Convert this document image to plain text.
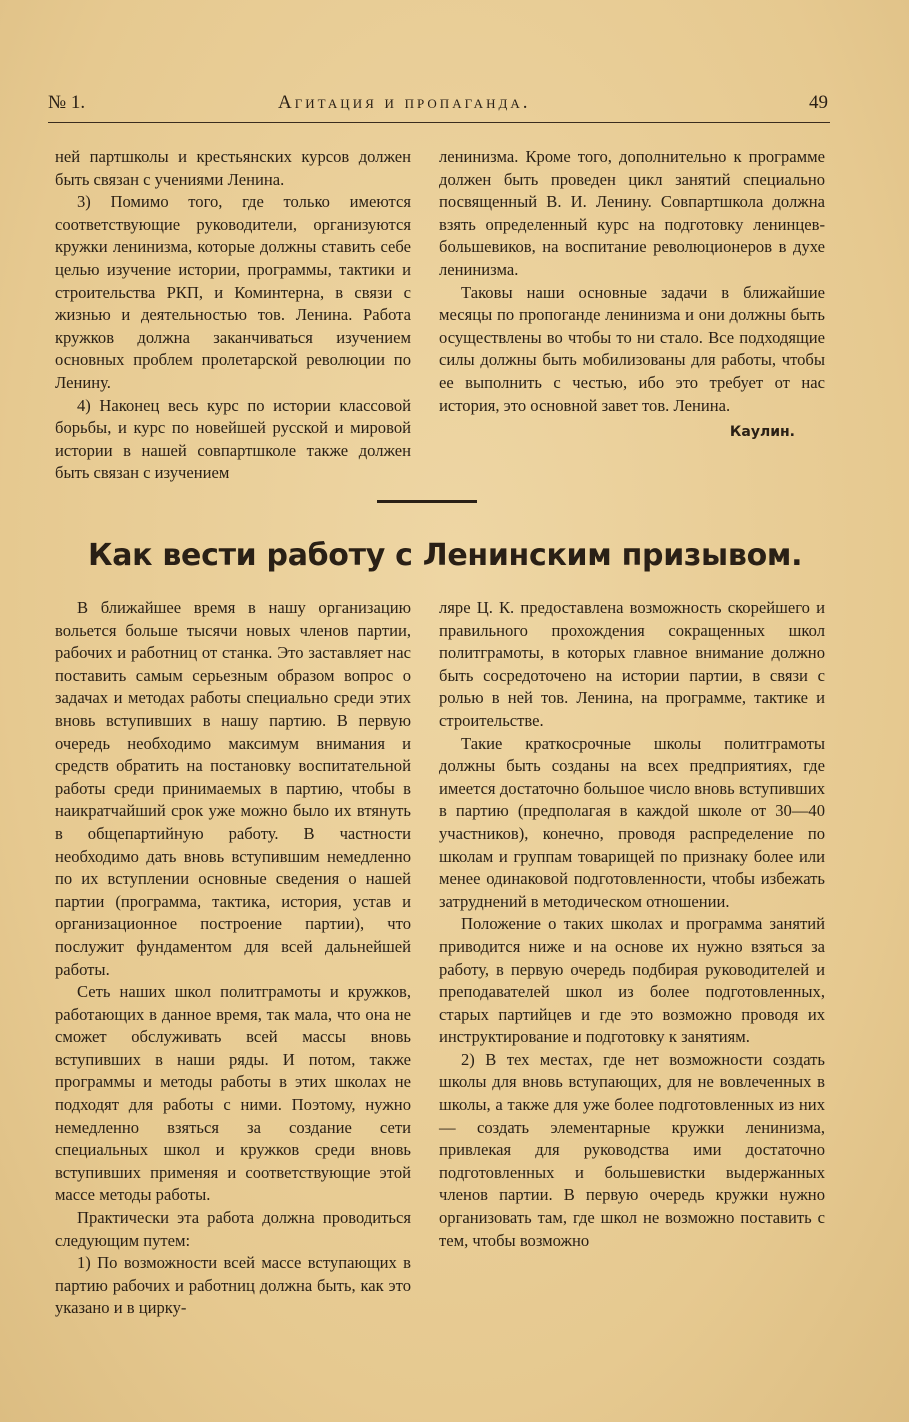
№ 1.	Агитация и пропаганда.	49

ней партшколы и крестьянских курсов должен быть связан с учениями Ленина.

3) Помимо того, где только имеются соответствующие руководители, организуются кружки ленинизма, которые должны ставить себе целью изучение истории, программы, тактики и строительства РКП, и Коминтерна, в связи с жизнью и деятельностью тов. Ленина. Работа кружков должна заканчиваться изучением основных проблем пролетарской революции по Ленину.

4) Наконец весь курс по истории классовой борьбы, и курс по новейшей русской и мировой истории в нашей совпартшколе также должен быть связан с изучением

ленинизма. Кроме того, дополнительно к программе должен быть проведен цикл занятий специально посвященный В. И. Ленину. Совпартшкола должна взять определенный курс на подготовку ленинцев-большевиков, на воспитание революционеров в духе ленинизма.

Таковы наши основные задачи в ближайшие месяцы по пропоганде ленинизма и они должны быть осуществлены во чтобы то ни стало. Все подходящие силы должны быть мобилизованы для работы, чтобы ее выполнить с честью, ибо это требует от нас история, это основной завет тов. Ленина.

Каулин.
Как вести работу с Ленинским призывом.

В ближайшее время в нашу организацию вольется больше тысячи новых членов партии, рабочих и работниц от станка. Это заставляет нас поставить самым серьезным образом вопрос о задачах и методах работы специально среди этих вновь вступивших в нашу партию. В первую очередь необходимо максимум внимания и средств обратить на постановку воспитательной работы среди принимаемых в партию, чтобы в наикратчайший срок уже можно было их втянуть в общепартийную работу. В частности необходимо дать вновь вступившим немедленно по их вступлении основные сведения о нашей партии (программа, тактика, история, устав и организационное построение партии), что послужит фундаментом для всей дальнейшей работы.

Сеть наших школ политграмоты и кружков, работающих в данное время, так мала, что она не сможет обслуживать всей массы вновь вступивших в наши ряды. И потом, также программы и методы работы в этих школах не подходят для работы с ними. Поэтому, нужно немедленно взяться за создание сети специальных школ и кружков среди вновь вступивших применяя и соответствующие этой массе методы работы.

Практически эта работа должна проводиться следующим путем:

1) По возможности всей массе вступающих в партию рабочих и работниц должна быть, как это указано и в цирку-

ляре Ц. К. предоставлена возможность скорейшего и правильного прохождения сокращенных школ политграмоты, в которых главное внимание должно быть сосредоточено на истории партии, в связи с ролью в ней тов. Ленина, на программе, тактике и строительстве.

Такие краткосрочные школы политграмоты должны быть созданы на всех предприятиях, где имеется достаточно большое число вновь вступивших в партию (предполагая в каждой школе от 30—40 участников), конечно, проводя распределение по школам и группам товарищей по признаку более или менее одинаковой подготовленности, чтобы избежать затруднений в методическом отношении.

Положение о таких школах и программа занятий приводится ниже и на основе их нужно взяться за работу, в первую очередь подбирая руководителей и преподавателей школ из более подготовленных, старых партийцев и где это возможно проводя их инструктирование и подготовку к занятиям.

2) В тех местах, где нет возможности создать школы для вновь вступающих, для не вовлеченных в школы, а также для уже более подготовленных из них — создать элементарные кружки ленинизма, привлекая для руководства ими достаточно подготовленных и большевистки выдержанных членов партии. В первую очередь кружки нужно организовать там, где школ не возможно поставить с тем, чтобы возможно
